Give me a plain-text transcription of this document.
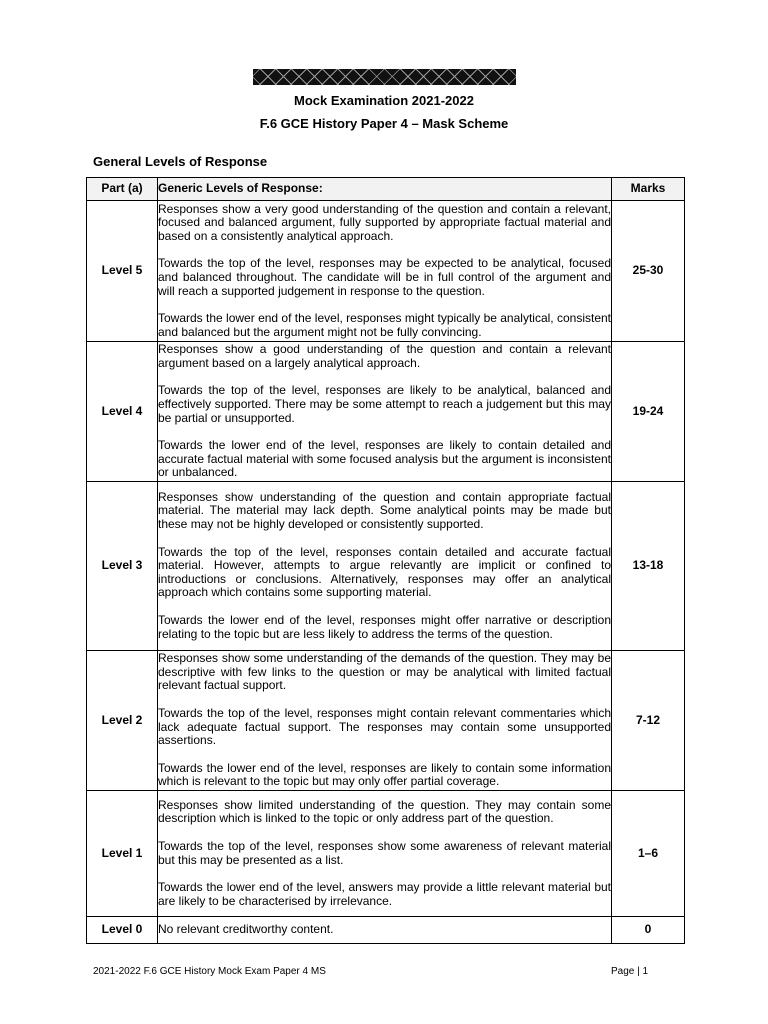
Mock Examination 2021-2022
F.6 GCE History Paper 4 – Mask Scheme
General Levels of Response
Part (a)	Generic Levels of Response:	Marks
Level 5	Responses show a very good understanding of the question and contain a relevant, focused and balanced argument, fully supported by appropriate factual material and based on a consistently analytical approach.

Towards the top of the level, responses may be expected to be analytical, focused and balanced throughout. The candidate will be in full control of the argument and will reach a supported judgement in response to the question.

Towards the lower end of the level, responses might typically be analytical, consistent and balanced but the argument might not be fully convincing.	25-30
Level 4	Responses show a good understanding of the question and contain a relevant argument based on a largely analytical approach.

Towards the top of the level, responses are likely to be analytical, balanced and effectively supported. There may be some attempt to reach a judgement but this may be partial or unsupported.

Towards the lower end of the level, responses are likely to contain detailed and accurate factual material with some focused analysis but the argument is inconsistent or unbalanced.	19-24
Level 3	Responses show understanding of the question and contain appropriate factual material. The material may lack depth. Some analytical points may be made but these may not be highly developed or consistently supported.

Towards the top of the level, responses contain detailed and accurate factual material. However, attempts to argue relevantly are implicit or confined to introductions or conclusions. Alternatively, responses may offer an analytical approach which contains some supporting material.

Towards the lower end of the level, responses might offer narrative or description relating to the topic but are less likely to address the terms of the question.	13-18
Level 2	Responses show some understanding of the demands of the question. They may be descriptive with few links to the question or may be analytical with limited factual relevant factual support.

Towards the top of the level, responses might contain relevant commentaries which lack adequate factual support. The responses may contain some unsupported assertions.

Towards the lower end of the level, responses are likely to contain some information which is relevant to the topic but may only offer partial coverage.	7-12
Level 1	Responses show limited understanding of the question. They may contain some description which is linked to the topic or only address part of the question.

Towards the top of the level, responses show some awareness of relevant material but this may be presented as a list.

Towards the lower end of the level, answers may provide a little relevant material but are likely to be characterised by irrelevance.	1–6
Level 0	No relevant creditworthy content.	0
2021-2022 F.6 GCE History Mock Exam Paper 4 MS	Page | 1
